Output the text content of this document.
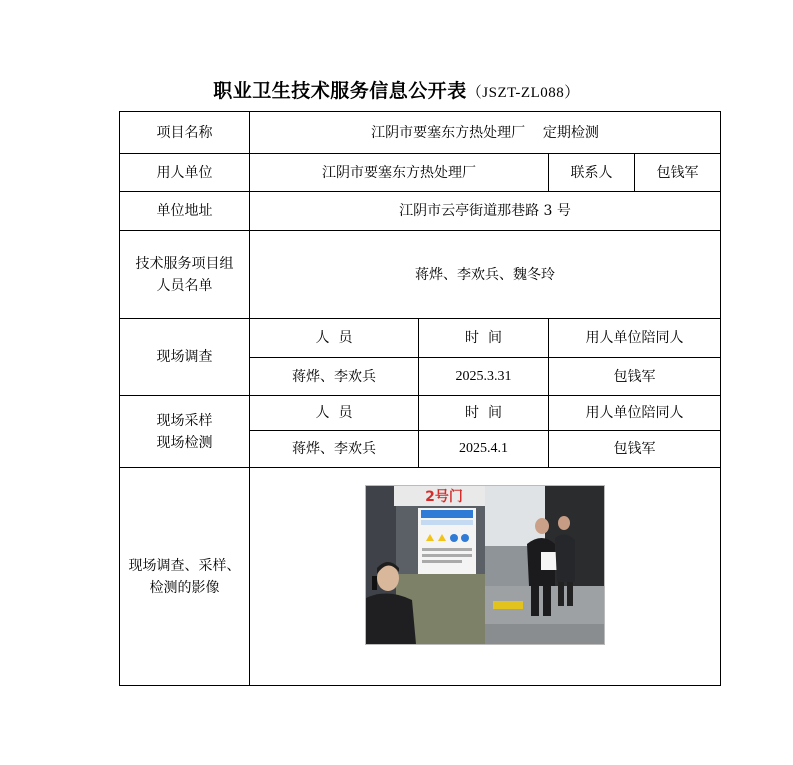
职业卫生技术服务信息公开表（JSZT-ZL088）
项目名称	江阴市要塞东方热处理厂    定期检测			
用人单位	江阴市要塞东方热处理厂		联系人	包钱军
单位地址	江阴市云亭街道那巷路 3 号			

技术服务项目组
人员名单	蒋烨、李欢兵、魏冬玲			
现场调查	人  员	时  间	用人单位陪同人	
	蒋烨、李欢兵	2025.3.31	包钱军	

现场采样
现场检测	人  员	时  间	用人单位陪同人	
	蒋烨、李欢兵	2025.4.1	包钱军	

现场调查、采样、
检测的影像	2号门			
